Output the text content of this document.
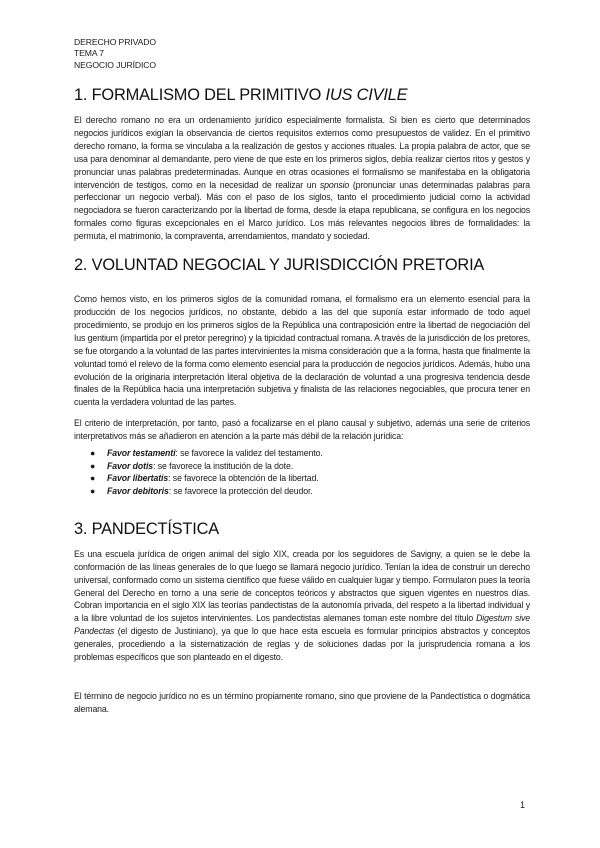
DERECHO PRIVADO
TEMA 7
NEGOCIO JURÍDICO
1. FORMALISMO DEL PRIMITIVO IUS CIVILE

El derecho romano no era un ordenamiento jurídico especialmente formalista. Si bien es cierto que determinados negocios jurídicos exigían la observancia de ciertos requisitos externos como presupuestos de validez. En el primitivo derecho romano, la forma se vinculaba a la realización de gestos y acciones rituales. La propia palabra de actor, que se usa para denominar al demandante, pero viene de que este en los primeros siglos, debía realizar ciertos ritos y gestos y pronunciar unas palabras predeterminadas. Aunque en otras ocasiones el formalismo se manifestaba en la obligatoria intervención de testigos, como en la necesidad de realizar un sponsio (pronunciar unas determinadas palabras para perfeccionar un negocio verbal). Más con el paso de los siglos, tanto el procedimiento judicial como la actividad negociadora se fueron caracterizando por la libertad de forma, desde la etapa republicana, se configura en los negocios formales como figuras excepcionales en el Marco jurídico. Los más relevantes negocios libres de formalidades: la permuta, el matrimonio, la compraventa, arrendamientos, mandato y sociedad.

2. VOLUNTAD NEGOCIAL Y JURISDICCIÓN PRETORIA

Como hemos visto, en los primeros siglos de la comunidad romana, el formalismo era un elemento esencial para la producción de los negocios jurídicos, no obstante, debido a las del que suponía estar informado de todo aquel procedimiento, se produjo en los primeros siglos de la República una contraposición entre la libertad de negociación del Ius gentium (impartida por el pretor peregrino) y la tipicidad contractual romana. A través de la jurisdicción de los pretores, se fue otorgando a la voluntad de las partes intervinientes la misma consideración que a la forma, hasta que finalmente la voluntad tomó el relevo de la forma como elemento esencial para la producción de negocios jurídicos. Además, hubo una evolución de la originaria interpretación literal objetiva de la declaración de voluntad a una progresiva tendencia desde finales de la República hacia una interpretación subjetiva y finalista de las relaciones negociables, que procura tener en cuenta la verdadera voluntad de las partes.

El criterio de interpretación, por tanto, pasó a focalizarse en el plano causal y subjetivo, además una serie de criterios interpretativos más se añadieron en atención a la parte más débil de la relación jurídica:

● Favor testamenti: se favorece la validez del testamento.
● Favor dotis: se favorece la institución de la dote.
● Favor libertatis: se favorece la obtención de la libertad.
● Favor debitoris: se favorece la protección del deudor.
3. PANDECTÍSTICA

Es una escuela jurídica de origen animal del siglo XIX, creada por los seguidores de Savigny, a quien se le debe la conformación de las líneas generales de lo que luego se llamará negocio jurídico. Tenían la idea de construir un derecho universal, conformado como un sistema científico que fuese válido en cualquier lugar y tiempo. Formularon pues la teoría General del Derecho en torno a una serie de conceptos teóricos y abstractos que siguen vigentes en nuestros días. Cobran importancia en el siglo XIX las teorías pandectistas de la autonomía privada, del respeto a la libertad individual y a la libre voluntad de los sujetos intervinientes. Los pandectistas alemanes toman este nombre del título Digestum sive Pandectas (el digesto de Justiniano), ya que lo que hace esta escuela es formular principios abstractos y conceptos generales, procediendo a la sistematización de reglas y de soluciones dadas por la jurisprudencia romana a los problemas específicos que son planteado en el digesto.

El término de negocio jurídico no es un término propiamente romano, sino que proviene de la Pandectística o dogmática alemana.

1
